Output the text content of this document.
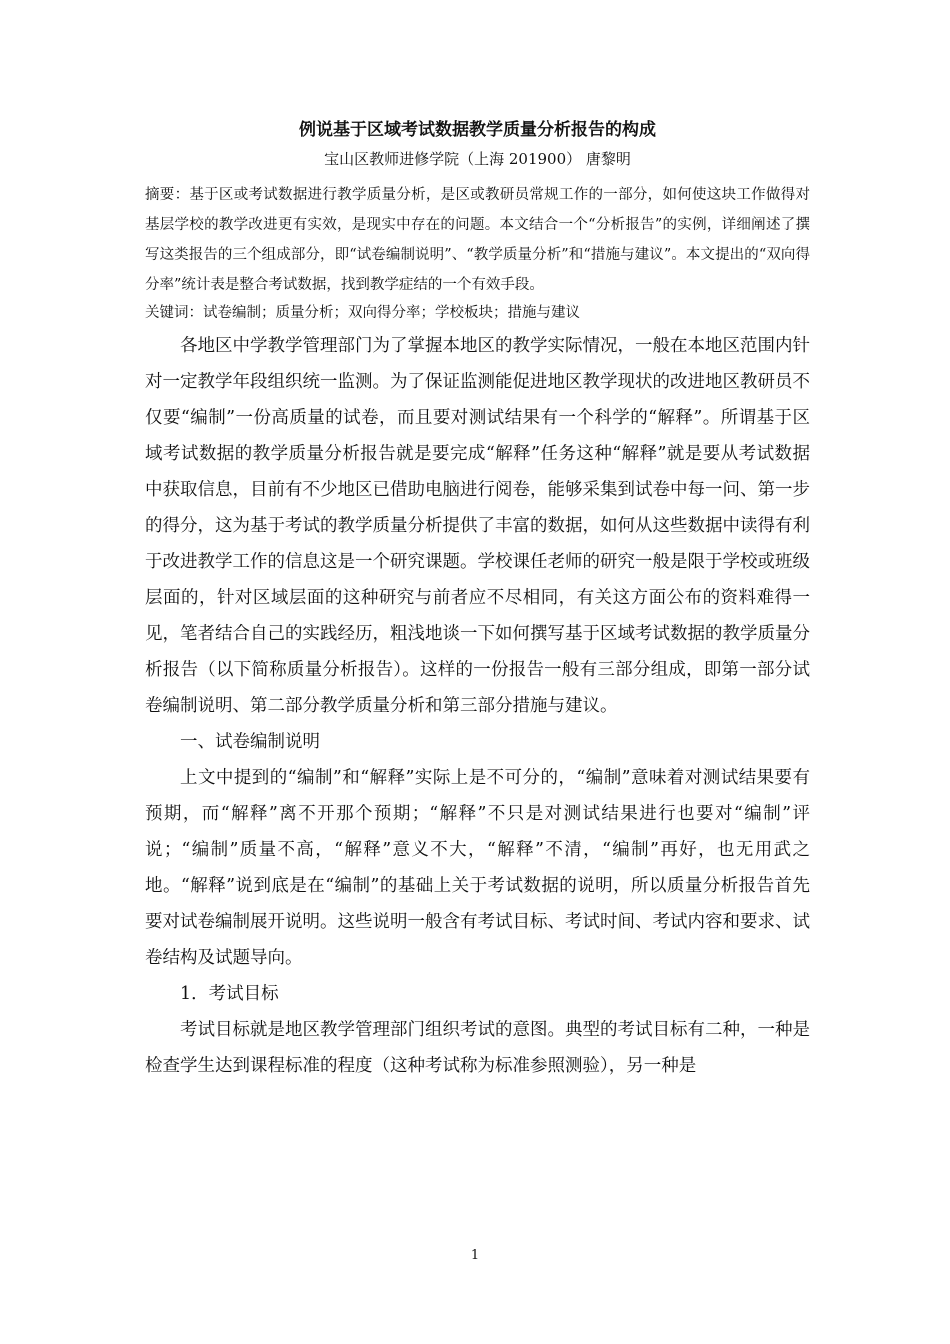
例说基于区域考试数据教学质量分析报告的构成

宝山区教师进修学院（上海 201900） 唐黎明

摘要：基于区或考试数据进行教学质量分析，是区或教研员常规工作的一部分，如何使这块工作做得对基层学校的教学改进更有实效，是现实中存在的问题。本文结合一个“分析报告”的实例，详细阐述了撰写这类报告的三个组成部分，即“试卷编制说明”、“教学质量分析”和“措施与建议”。本文提出的“双向得分率”统计表是整合考试数据，找到教学症结的一个有效手段。

关键词：试卷编制；质量分析；双向得分率；学校板块；措施与建议

各地区中学教学管理部门为了掌握本地区的教学实际情况，一般在本地区范围内针对一定教学年段组织统一监测。为了保证监测能促进地区教学现状的改进地区教研员不仅要“编制”一份高质量的试卷，而且要对测试结果有一个科学的“解释”。所谓基于区域考试数据的教学质量分析报告就是要完成“解释”任务这种“解释”就是要从考试数据中获取信息，目前有不少地区已借助电脑进行阅卷，能够采集到试卷中每一问、第一步的得分，这为基于考试的教学质量分析提供了丰富的数据，如何从这些数据中读得有利于改进教学工作的信息这是一个研究课题。学校课任老师的研究一般是限于学校或班级层面的，针对区域层面的这种研究与前者应不尽相同，有关这方面公布的资料难得一见，笔者结合自己的实践经历，粗浅地谈一下如何撰写基于区域考试数据的教学质量分析报告（以下简称质量分析报告）。这样的一份报告一般有三部分组成，即第一部分试卷编制说明、第二部分教学质量分析和第三部分措施与建议。

一、试卷编制说明

上文中提到的“编制”和“解释”实际上是不可分的，“编制”意味着对测试结果要有预期，而“解释”离不开那个预期；“解释”不只是对测试结果进行也要对“编制”评说；“编制”质量不高，“解释”意义不大，“解释”不清，“编制”再好，也无用武之地。“解释”说到底是在“编制”的基础上关于考试数据的说明，所以质量分析报告首先要对试卷编制展开说明。这些说明一般含有考试目标、考试时间、考试内容和要求、试卷结构及试题导向。

1．考试目标

考试目标就是地区教学管理部门组织考试的意图。典型的考试目标有二种，一种是检查学生达到课程标准的程度（这种考试称为标准参照测验），另一种是

1
